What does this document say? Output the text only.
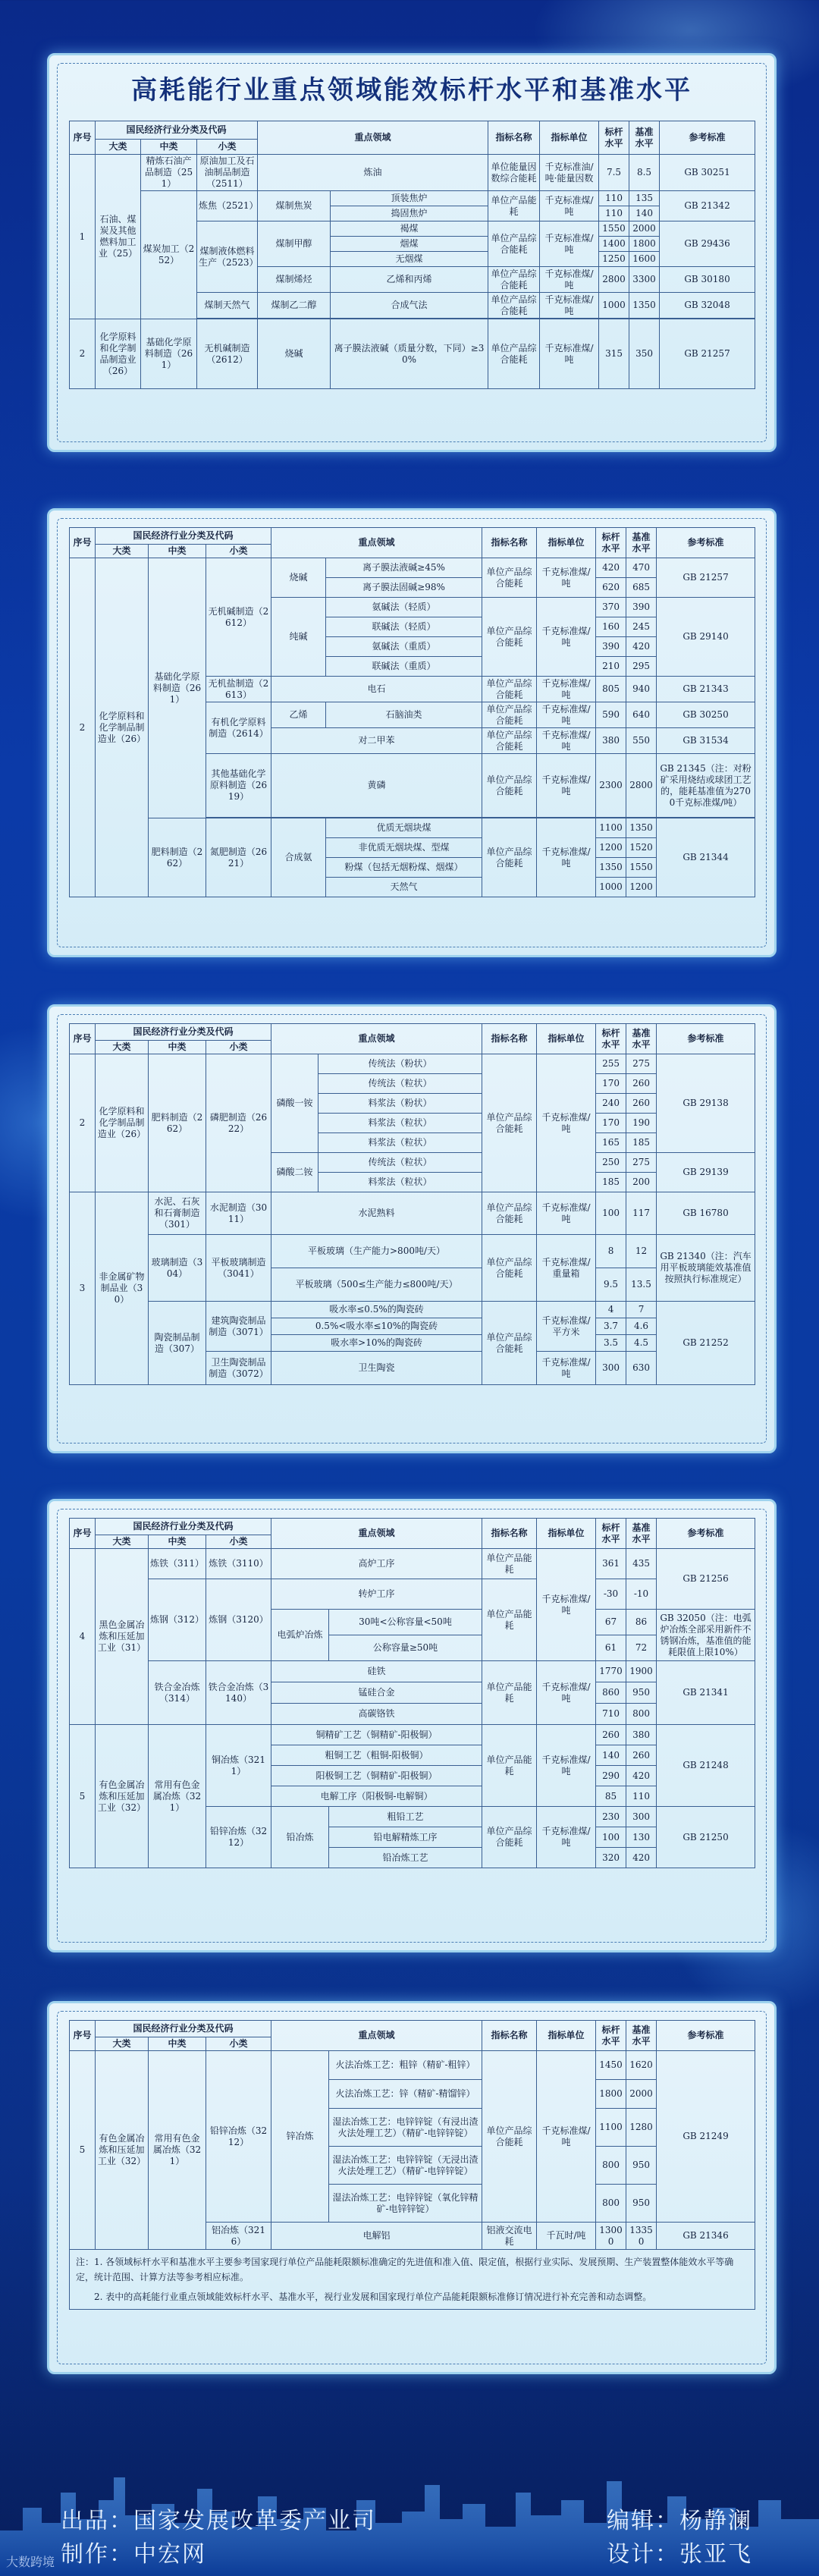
高耗能行业重点领域能效标杆水平和基准水平
序号	国民经济行业分类及代码			重点领域		指标名称	指标单位	标杆水平	基准水平	参考标准
	大类	中类	小类							
1	石油、煤炭及其他燃料加工业（25）	精炼石油产品制造（251）	原油加工及石油制品制造（2511）	炼油		单位能量因数综合能耗	千克标准油/吨·能量因数	7.5	8.5	GB 30251
		煤炭加工（252）	炼焦（2521）	煤制焦炭	顶装焦炉	单位产品能耗	千克标准煤/吨	110	135	GB 21342
					捣固焦炉			110	140	
			煤制液体燃料生产（2523）	煤制甲醇	褐煤	单位产品综合能耗	千克标准煤/吨	1550	2000	GB 29436
					烟煤			1400	1800	
					无烟煤			1250	1600	
				煤制烯烃	乙烯和丙烯	单位产品综合能耗	千克标准煤/吨	2800	3300	GB 30180
			煤制天然气	煤制乙二醇	合成气法	单位产品综合能耗	千克标准煤/吨	1000	1350	GB 32048

2	化学原料和化学制品制造业（26）	基础化学原料制造（261）	无机碱制造（2612）	烧碱	离子膜法液碱（质量分数，下同）≥30%	单位产品综合能耗	千克标准煤/吨	315	350	GB 21257
序号	国民经济行业分类及代码			重点领域		指标名称	指标单位	标杆水平	基准水平	参考标准
	大类	中类	小类							
2	化学原料和化学制品制造业（26）	基础化学原料制造（261）	无机碱制造（2612）	烧碱	离子膜法液碱≥45%	单位产品综合能耗	千克标准煤/吨	420	470	GB 21257
					离子膜法固碱≥98%			620	685	
				纯碱	氨碱法（轻质）	单位产品综合能耗	千克标准煤/吨	370	390	GB 29140
					联碱法（轻质）			160	245	
					氨碱法（重质）			390	420	
					联碱法（重质）			210	295	
			无机盐制造（2613）	电石		单位产品综合能耗	千克标准煤/吨	805	940	GB 21343
			有机化学原料制造（2614）	乙烯	石脑油类	单位产品综合能耗	千克标准煤/吨	590	640	GB 30250
				对二甲苯		单位产品综合能耗	千克标准煤/吨	380	550	GB 31534
			其他基础化学原料制造（2619）	黄磷		单位产品综合能耗	千克标准煤/吨	2300	2800	GB 21345（注：对粉矿采用烧结或球团工艺的，能耗基准值为2700千克标准煤/吨）

		肥料制造（262）	氮肥制造（2621）	合成氨	优质无烟块煤	单位产品综合能耗	千克标准煤/吨	1100	1350	GB 21344
					非优质无烟块煤、型煤			1200	1520	
					粉煤（包括无烟粉煤、烟煤）			1350	1550	
					天然气			1000	1200	
序号	国民经济行业分类及代码			重点领域		指标名称	指标单位	标杆水平	基准水平	参考标准
	大类	中类	小类							
2	化学原料和化学制品制造业（26）	肥料制造（262）	磷肥制造（2622）	磷酸一铵	传统法（粉状）	单位产品综合能耗	千克标准煤/吨	255	275	GB 29138
					传统法（粒状）			170	260	
					料浆法（粉状）			240	260	
					料浆法（粒状）			170	190	
					料浆法（粒状）			165	185	
				磷酸二铵	传统法（粒状）			250	275	GB 29139
					料浆法（粒状）			185	200	
3	非金属矿物制品业（30）	水泥、石灰和石膏制造（301）	水泥制造（3011）	水泥熟料		单位产品综合能耗	千克标准煤/吨	100	117	GB 16780
		玻璃制造（304）	平板玻璃制造（3041）	平板玻璃（生产能力>800吨/天）		单位产品综合能耗	千克标准煤/重量箱	8	12	GB 21340（注：汽车用平板玻璃能效基准值按照执行标准规定）
				平板玻璃（500≤生产能力≤800吨/天）				9.5	13.5	
		陶瓷制品制造（307）	建筑陶瓷制品制造（3071）	吸水率≤0.5%的陶瓷砖		单位产品综合能耗	千克标准煤/平方米	4	7	GB 21252
				0.5%<吸水率≤10%的陶瓷砖				3.7	4.6	
				吸水率>10%的陶瓷砖				3.5	4.5	
			卫生陶瓷制品制造（3072）	卫生陶瓷			千克标准煤/吨	300	630	
序号	国民经济行业分类及代码			重点领域		指标名称	指标单位	标杆水平	基准水平	参考标准
	大类	中类	小类							
4	黑色金属冶炼和压延加工业（31）	炼铁（311）	炼铁（3110）	高炉工序		单位产品能耗	千克标准煤/吨	361	435	GB 21256
		炼钢（312）	炼钢（3120）	转炉工序		单位产品能耗		-30	-10	
				电弧炉冶炼	30吨<公称容量<50吨			67	86	GB 32050（注：电弧炉冶炼全部采用新件不锈钢冶炼，基准值的能耗限值上限10%）
					公称容量≥50吨			61	72	
		铁合金冶炼（314）	铁合金冶炼（3140）	硅铁		单位产品能耗	千克标准煤/吨	1770	1900	GB 21341
				锰硅合金				860	950	
				高碳铬铁				710	800	
5	有色金属冶炼和压延加工业（32）	常用有色金属冶炼（321）	铜冶炼（3211）	铜精矿工艺（铜精矿-阳极铜）		单位产品能耗	千克标准煤/吨	260	380	GB 21248
				粗铜工艺（粗铜-阳极铜）				140	260	
				阳极铜工艺（铜精矿-阳极铜）				290	420	
				电解工序（阳极铜-电解铜）				85	110	
			铅锌冶炼（3212）	铅冶炼	粗铅工艺	单位产品综合能耗	千克标准煤/吨	230	300	GB 21250
					铅电解精炼工序			100	130	
					铅冶炼工艺			320	420	
序号	国民经济行业分类及代码			重点领域		指标名称	指标单位	标杆水平	基准水平	参考标准
	大类	中类	小类							
5	有色金属冶炼和压延加工业（32）	常用有色金属冶炼（321）	铅锌冶炼（3212）	锌冶炼	火法冶炼工艺：粗锌（精矿-粗锌）	单位产品综合能耗	千克标准煤/吨	1450	1620	GB 21249
					火法冶炼工艺：锌（精矿-精馏锌）			1800	2000	
					湿法冶炼工艺：电锌锌锭（有浸出渣火法处理工艺）（精矿-电锌锌锭）			1100	1280	
					湿法冶炼工艺：电锌锌锭（无浸出渣火法处理工艺）（精矿-电锌锌锭）			800	950	
					湿法冶炼工艺：电锌锌锭（氧化锌精矿-电锌锌锭）			800	950	
			铝冶炼（3216）	电解铝		铝液交流电耗	千瓦时/吨	13000	13350	GB 21346

注：1. 各领域标杆水平和基准水平主要参考国家现行单位产品能耗限额标准确定的先进值和准入值、限定值，根据行业实际、发展预期、生产装置整体能效水平等确定，统计范围、计算方法等参考相应标准。
2. 表中的高耗能行业重点领域能效标杆水平、基准水平，视行业发展和国家现行单位产品能耗限额标准修订情况进行补充完善和动态调整。										
出品：国家发展改革委产业司
制作：中宏网
编辑：杨静澜
设计：张亚飞
大数跨境
